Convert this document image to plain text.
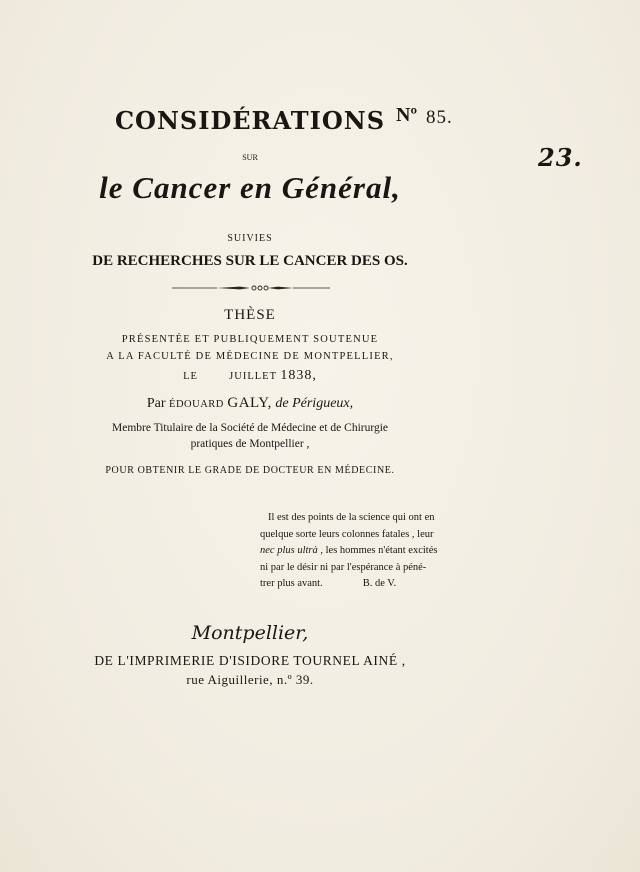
CONSIDÉRATIONS Nº 85.
23.
SUR
le Cancer en Général,
SUIVIES
DE RECHERCHES SUR LE CANCER DES OS.
THÈSE
PRÉSENTÉE ET PUBLIQUEMENT SOUTENUE
A LA FACULTÉ DE MÉDECINE DE MONTPELLIER,
LE	JUILLET 1838,
Par ÉDOUARD GALY, de Périgueux,
Membre Titulaire de la Société de Médecine et de Chirurgie
pratiques de Montpellier ,
POUR OBTENIR LE GRADE DE DOCTEUR EN MÉDECINE.
Il est des points de la science qui ont en
quelque sorte leurs colonnes fatales , leur
nec plus ultrà , les hommes n'étant excités
ni par le désir ni par l'espérance à péné-
trer plus avant.	B. de V.
Montpellier,
DE L'IMPRIMERIE D'ISIDORE TOURNEL AINÉ ,
rue Aiguillerie, n.º 39.
